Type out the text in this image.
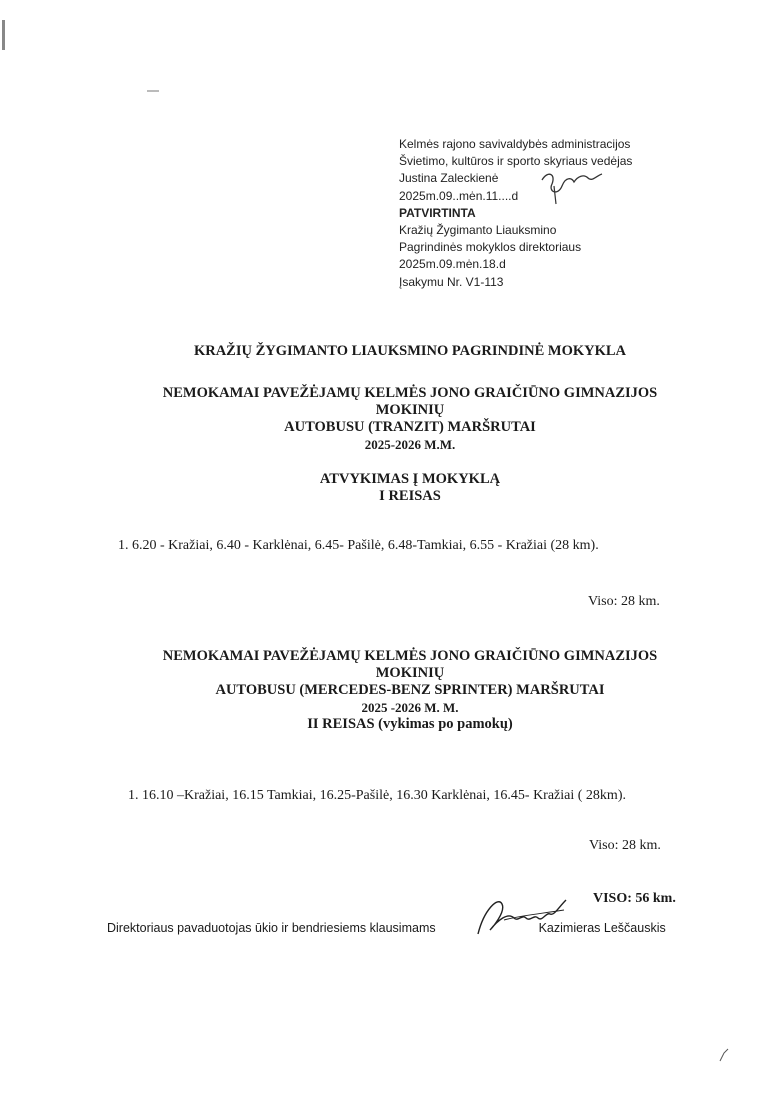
Kelmės rajono savivaldybės administracijos
Švietimo, kultūros ir sporto skyriaus vedėjas
Justina Zaleckienė
2025m.09..mėn.11....d
PATVIRTINTA
Kražių Žygimanto Liauksmino
Pagrindinės mokyklos direktoriaus
2025m.09.mėn.18.d
Įsakymu Nr. V1-113
KRAŽIŲ ŽYGIMANTO LIAUKSMINO PAGRINDINĖ MOKYKLA
NEMOKAMAI PAVEŽĖJAMŲ KELMĖS JONO GRAIČIŪNO GIMNAZIJOS
MOKINIŲ
AUTOBUSU (TRANZIT) MARŠRUTAI
2025-2026 M.M.
ATVYKIMAS Į MOKYKLĄ
I REISAS
1. 6.20 - Kražiai, 6.40 - Karklėnai, 6.45- Pašilė, 6.48-Tamkiai, 6.55 - Kražiai (28 km).
Viso: 28 km.
NEMOKAMAI PAVEŽĖJAMŲ KELMĖS JONO GRAIČIŪNO GIMNAZIJOS
MOKINIŲ
AUTOBUSU (MERCEDES-BENZ SPRINTER) MARŠRUTAI
2025 -2026 M. M.
II REISAS (vykimas po pamokų)
1. 16.10 –Kražiai, 16.15 Tamkiai, 16.25-Pašilė, 16.30 Karklėnai, 16.45- Kražiai ( 28km).
Viso: 28 km.
VISO: 56 km.
Direktoriaus pavaduotojas ūkio ir bendriesiems klausimams	Kazimieras Leščauskis
